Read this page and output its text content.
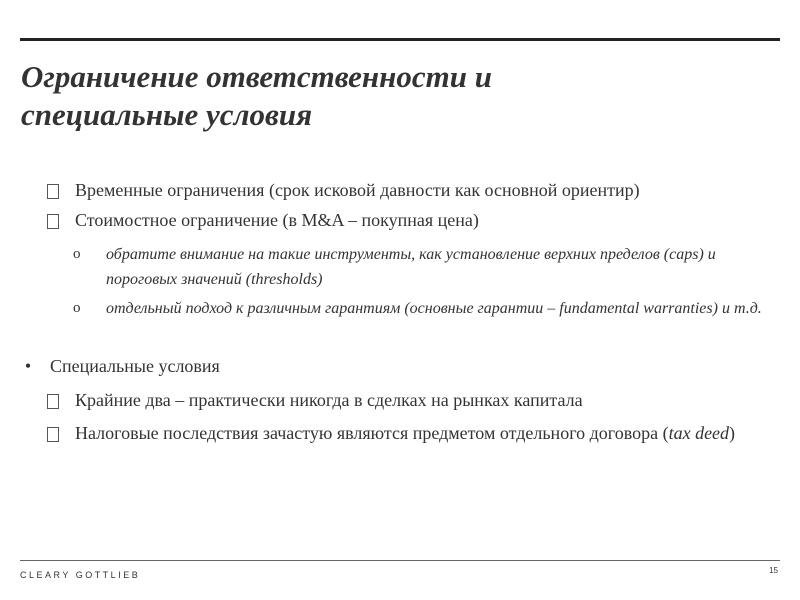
Ограничение ответственности и
специальные условия
Временные ограничения (срок исковой давности как основной ориентир)
Стоимостное ограничение (в M&A – покупная цена)
o обратите внимание на такие инструменты, как установление верхних пределов (caps) и пороговых значений (thresholds)
o отдельный подход к различным гарантиям (основные гарантии – fundamental warranties) и т.д.
• Специальные условия
Крайние два – практически никогда в сделках на рынках капитала
Налоговые последствия зачастую являются предметом отдельного договора (tax deed)
CLEARY GOTTLIEB	15
